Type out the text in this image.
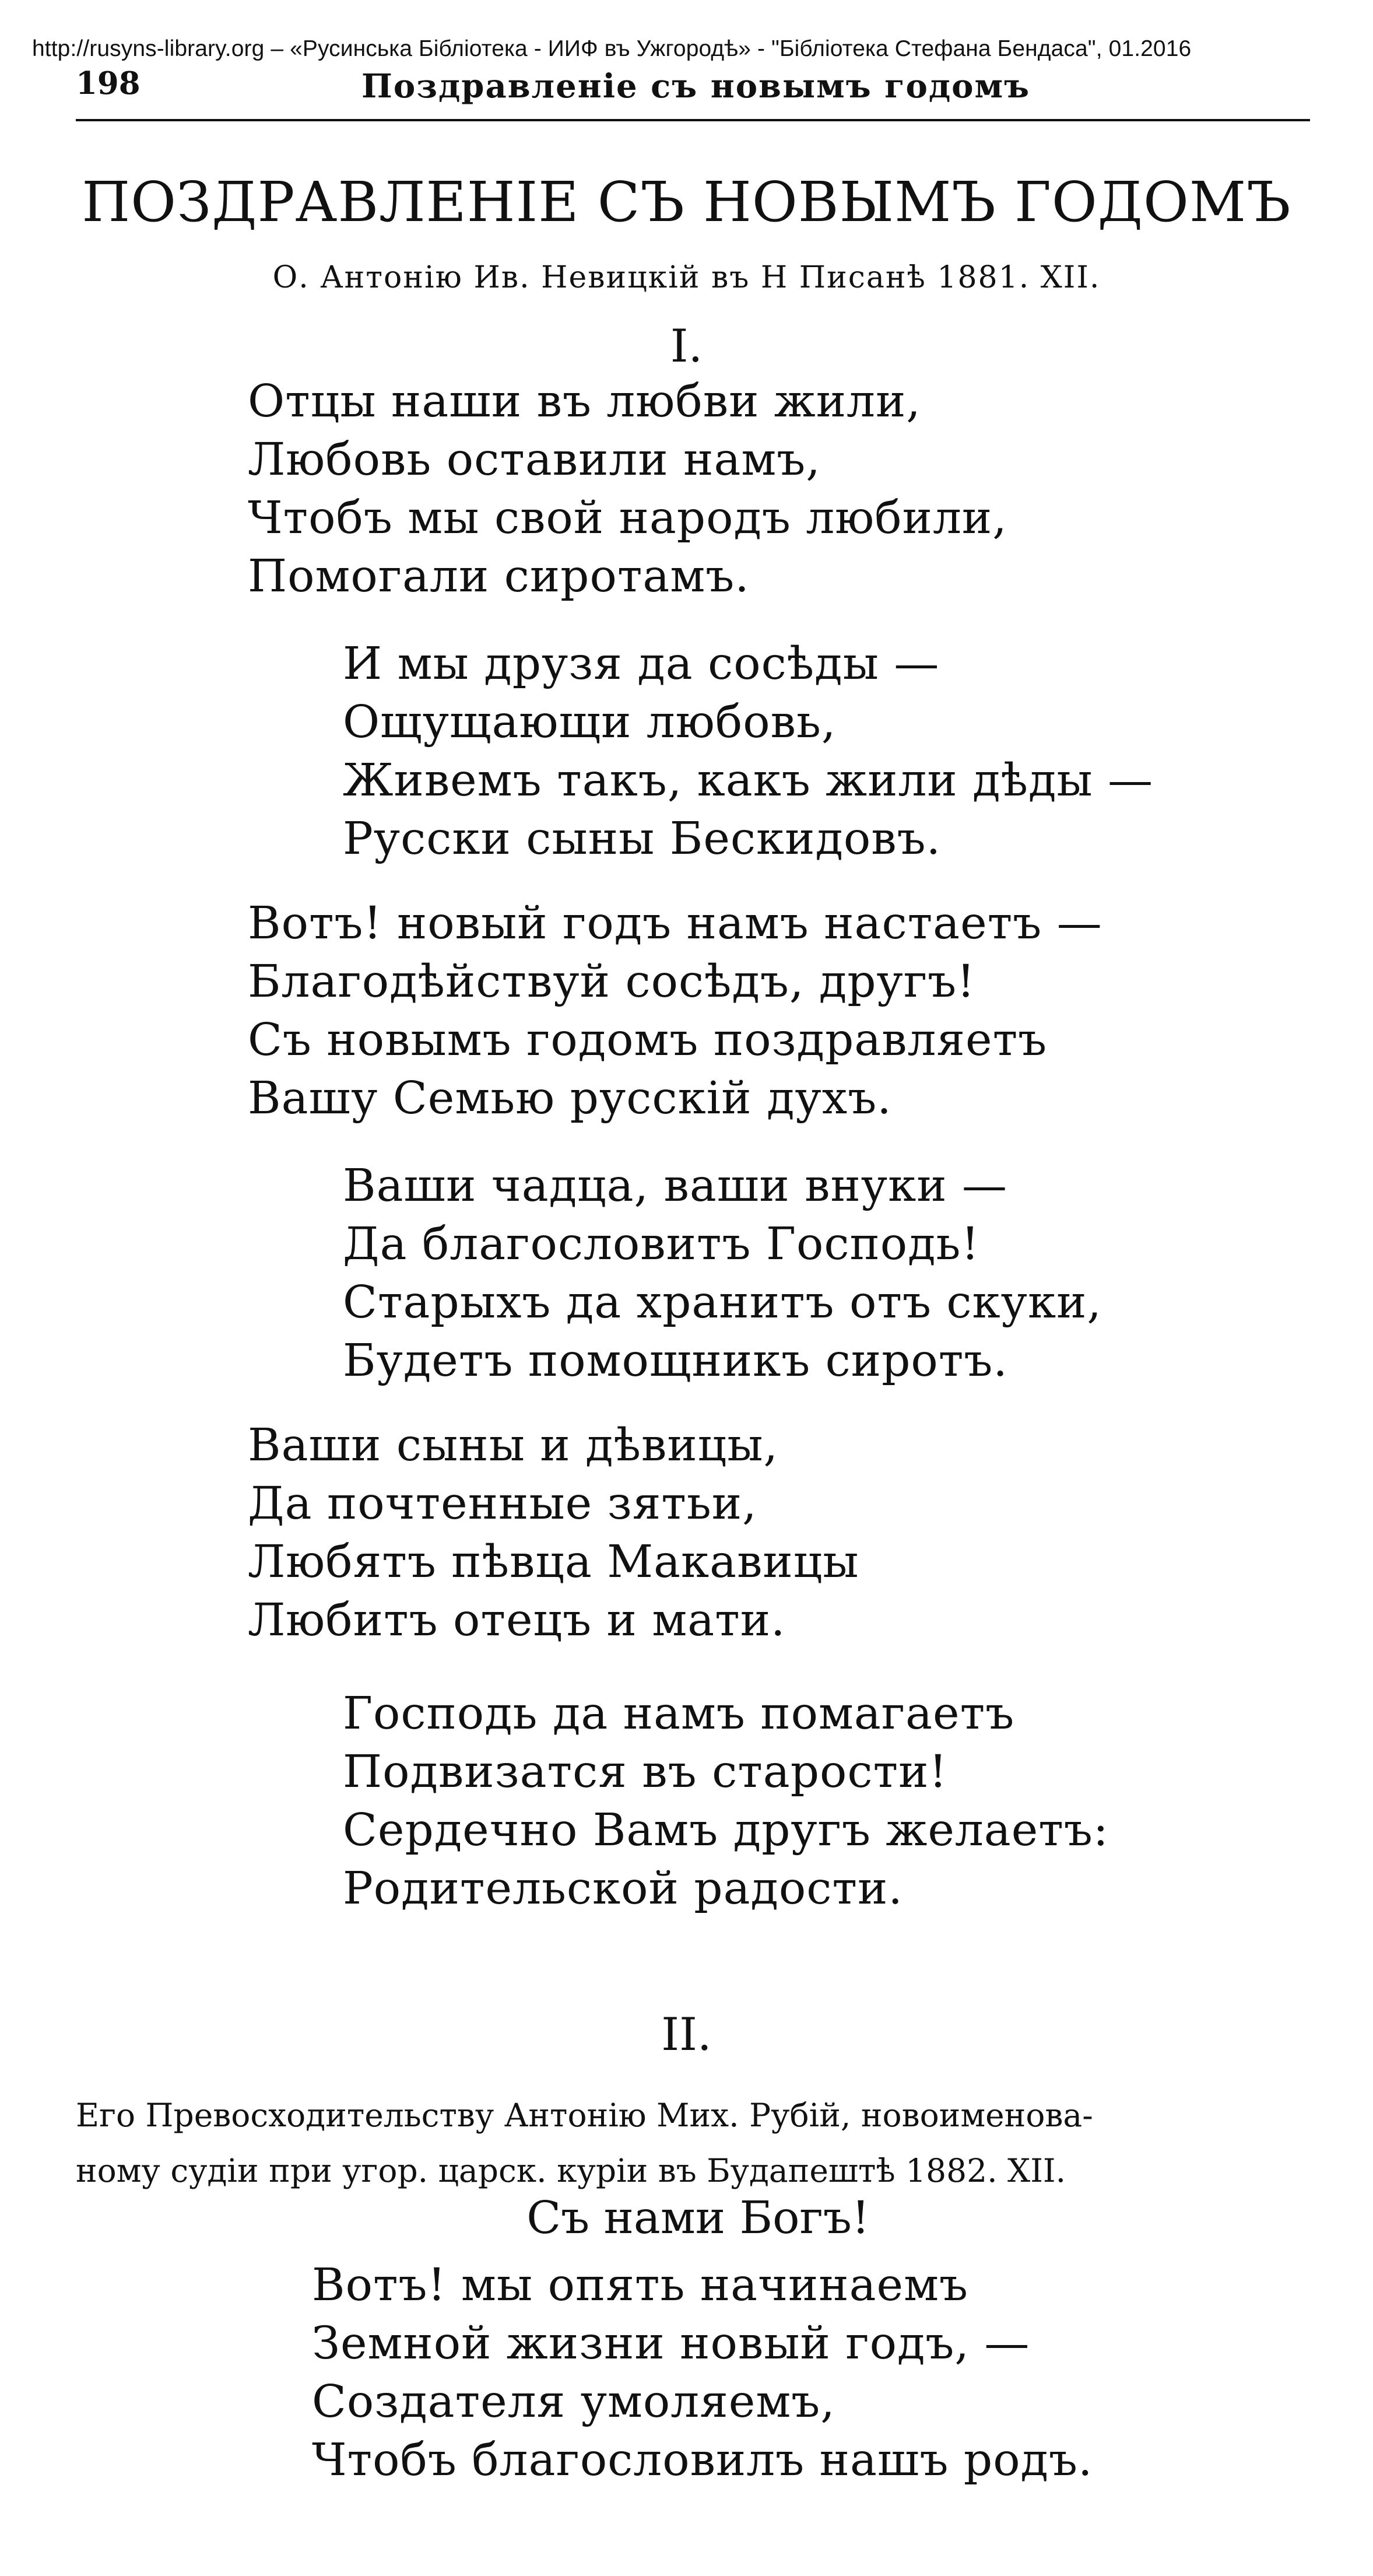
http://rusyns-library.org – «Русинська Бібліотека - ИИФ въ Ужгородѣ» - "Бібліотека Стефана Бендаса", 01.2016
198	Поздравленіе съ новымъ годомъ
ПОЗДРАВЛЕНІЕ СЪ НОВЫМЪ ГОДОМЪ
О. Антонію Ив. Невицкій въ Н Писанѣ 1881. XII.
I.
Отцы наши въ любви жили,
Любовь оставили намъ,
Чтобъ мы свой народъ любили,
Помогали сиротамъ.
И мы друзя да сосѣды —
Ощущающи любовь,
Живемъ такъ, какъ жили дѣды —
Русски сыны Бескидовъ.
Вотъ! новый годъ намъ настаетъ —
Благодѣйствуй сосѣдъ, другъ!
Съ новымъ годомъ поздравляетъ
Вашу Семью русскій духъ.
Ваши чадца, ваши внуки —
Да благословитъ Господь!
Старыхъ да хранитъ отъ скуки,
Будетъ помощникъ сиротъ.
Ваши сыны и дѣвицы,
Да почтенные зятьи,
Любятъ пѣвца Макавицы
Любитъ отецъ и мати.
Господь да намъ помагаетъ
Подвизатся въ старости!
Сердечно Вамъ другъ желаетъ:
Родительской радости.
II.
Его Превосходительству Антонію Мих. Рубій, новоименова-
ному судіи при угор. царск. куріи въ Будапештѣ 1882. XII.
Съ нами Богъ!
Вотъ! мы опять начинаемъ
Земной жизни новый годъ, —
Создателя умоляемъ,
Чтобъ благословилъ нашъ родъ.
